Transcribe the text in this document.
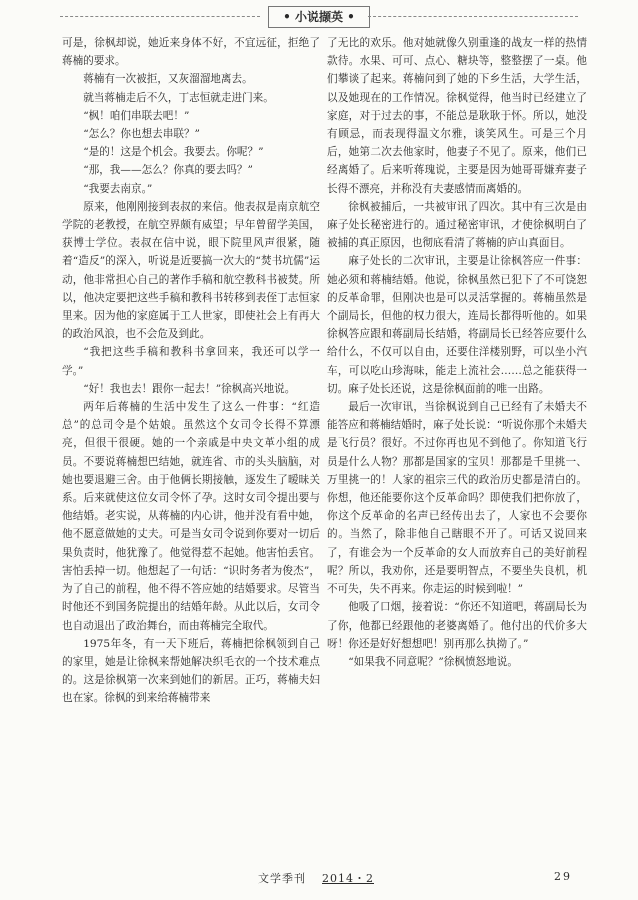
• 小说撷英 •

可是，徐枫却说，她近来身体不好，不宜远征，拒绝了蒋楠的要求。

蒋楠有一次被拒，又灰溜溜地离去。

就当蒋楠走后不久，丁志恒就走进门来。

“枫！咱们串联去吧！”

“怎么？你也想去串联？”

“是的！这是个机会。我要去。你呢？”

“那，我——怎么？你真的要去吗？”

“我要去南京。”

原来，他刚刚接到表叔的来信。他表叔是南京航空学院的老教授，在航空界颇有威望；早年曾留学美国，获博士学位。表叔在信中说，眼下院里风声很紧，随着“造反”的深入，听说是近要搞一次大的“焚书坑儒”运动，他非常担心自己的著作手稿和航空教科书被焚。所以，他决定要把这些手稿和教科书转移到表侄丁志恒家里来。因为他的家庭属于工人世家，即使社会上有再大的政治风浪，也不会危及到此。

“我把这些手稿和教科书拿回来，我还可以学一学。”

“好！我也去！跟你一起去！”徐枫高兴地说。

两年后蒋楠的生活中发生了这么一件事：“红造总”的总司令是个姑娘。虽然这个女司令长得不算漂亮，但很干很硬。她的一个亲戚是中央文革小组的成员。不要说蒋楠想巴结她，就连省、市的头头脑脑，对她也要退避三舍。由于他俩长期接触，逐发生了暧昧关系。后来就使这位女司令怀了孕。这时女司令提出要与他结婚。老实说，从蒋楠的内心讲，他并没有看中她，他不愿意做她的丈夫。可是当女司令说到你要对一切后果负责时，他犹豫了。他觉得惹不起她。他害怕丢官。害怕丢掉一切。他想起了一句话：“识时务者为俊杰”，为了自己的前程，他不得不答应她的结婚要求。尽管当时他还不到国务院提出的结婚年龄。从此以后，女司令也自动退出了政治舞台，而由蒋楠完全取代。

1975年冬，有一天下班后，蒋楠把徐枫领到自己的家里，她是让徐枫来帮她解决织毛衣的一个技术难点的。这是徐枫第一次来到她们的新居。正巧，蒋楠夫妇也在家。徐枫的到来给蒋楠带来

了无比的欢乐。他对她就像久别重逢的战友一样的热情款待。水果、可可、点心、糖块等，整整摆了一桌。他们攀谈了起来。蒋楠问到了她的下乡生活，大学生活，以及她现在的工作情况。徐枫觉得，他当时已经建立了家庭，对于过去的事，不能总是耿耿于怀。所以，她没有顾忌，而表现得温文尔雅，谈笑风生。可是三个月后，她第二次去他家时，他妻子不见了。原来，他们已经离婚了。后来听蒋瑰说，主要是因为她哥哥嫌弃妻子长得不漂亮，并称没有夫妻感情而离婚的。

徐枫被捕后，一共被审讯了四次。其中有三次是由麻子处长秘密进行的。通过秘密审讯，才使徐枫明白了被捕的真正原因，也彻底看清了蒋楠的庐山真面目。

麻子处长的二次审讯，主要是让徐枫答应一件事：她必须和蒋楠结婚。他说，徐枫虽然已犯下了不可饶恕的反革命罪，但刚决也是可以灵活掌握的。蒋楠虽然是个副局长，但他的权力很大，连局长都得听他的。如果徐枫答应跟和蒋副局长结婚，将副局长已经答应要什么给什么，不仅可以自由，还要住洋楼别野，可以坐小汽车，可以吃山珍海味，能走上流社会……总之能获得一切。麻子处长还说，这是徐枫面前的唯一出路。

最后一次审讯，当徐枫说到自己已经有了未婚夫不能答应和蒋楠结婚时，麻子处长说：“听说你那个未婚夫是飞行员？很好。不过你再也见不到他了。你知道飞行员是什么人物？那都是国家的宝贝！那都是千里挑一、万里挑一的！人家的祖宗三代的政治历史都是清白的。你想，他还能要你这个反革命吗？即使我们把你放了，你这个反革命的名声已经传出去了，人家也不会要你的。当然了，除非他自己瞎眼不开了。可话又说回来了，有谁会为一个反革命的女人而放弃自己的美好前程呢？所以，我劝你，还是要明智点，不要坐失良机，机不可失，失不再来。你走运的时候到啦！”

他吸了口烟，接着说：“你还不知道吧，蒋副局长为了你，他都已经跟他的老婆离婚了。他付出的代价多大呀！你还是好好想想吧！别再那么执拗了。”

“如果我不同意呢？”徐枫愤怒地说。

文学季刊 2014・2	29
